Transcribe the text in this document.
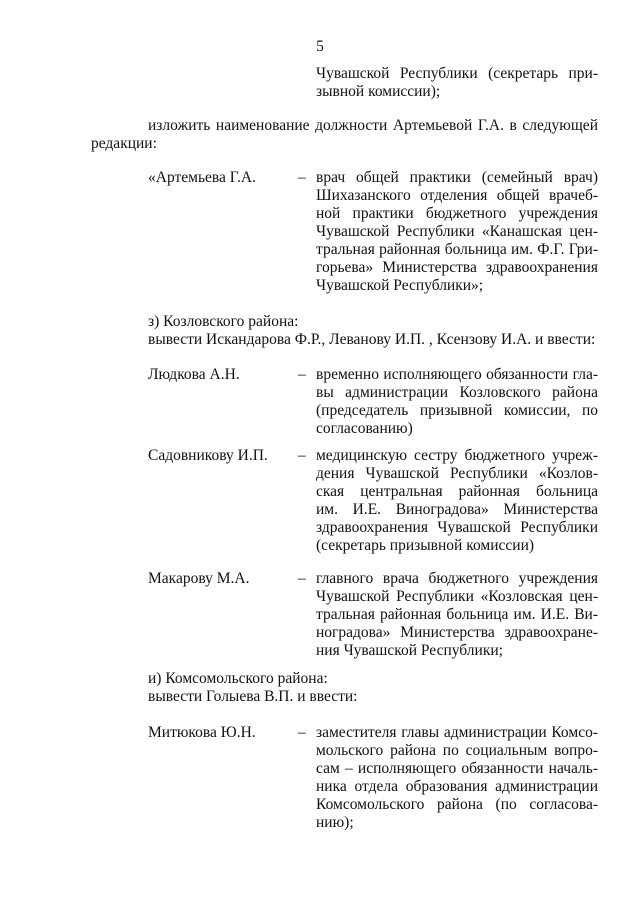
5
Чувашской Республики (секретарь при-
зывной комиссии);
изложить наименование должности Артемьевой Г.А. в следующей
редакции:
«Артемьева Г.А.	– врач общей практики (семейный врач)
Шихазанского отделения общей врачеб-
ной практики бюджетного учреждения
Чувашской Республики «Канашская цен-
тральная районная больница им. Ф.Г. Гри-
горьева» Министерства здравоохранения
Чувашской Республики»;
з) Козловского района:
вывести Искандарова Ф.Р., Леванову И.П. , Ксензову И.А. и ввести:
Людкова А.Н.	– временно исполняющего обязанности гла-
вы администрации Козловского района
(председатель призывной комиссии, по
согласованию)
Садовникову И.П. – медицинскую сестру бюджетного учреж-
дения Чувашской Республики «Козлов-
ская центральная районная больница
им. И.Е. Виноградова» Министерства
здравоохранения Чувашской Республики
(секретарь призывной комиссии)
Макарову М.А.	– главного врача бюджетного учреждения
Чувашской Республики «Козловская цен-
тральная районная больница им. И.Е. Ви-
ноградова» Министерства здравоохране-
ния Чувашской Республики;
и) Комсомольского района:
вывести Голыева В.П. и ввести:
Митюкова Ю.Н.	– заместителя главы администрации Комсо-
мольского района по социальным вопро-
сам – исполняющего обязанности началь-
ника отдела образования администрации
Комсомольского района (по согласова-
нию);
